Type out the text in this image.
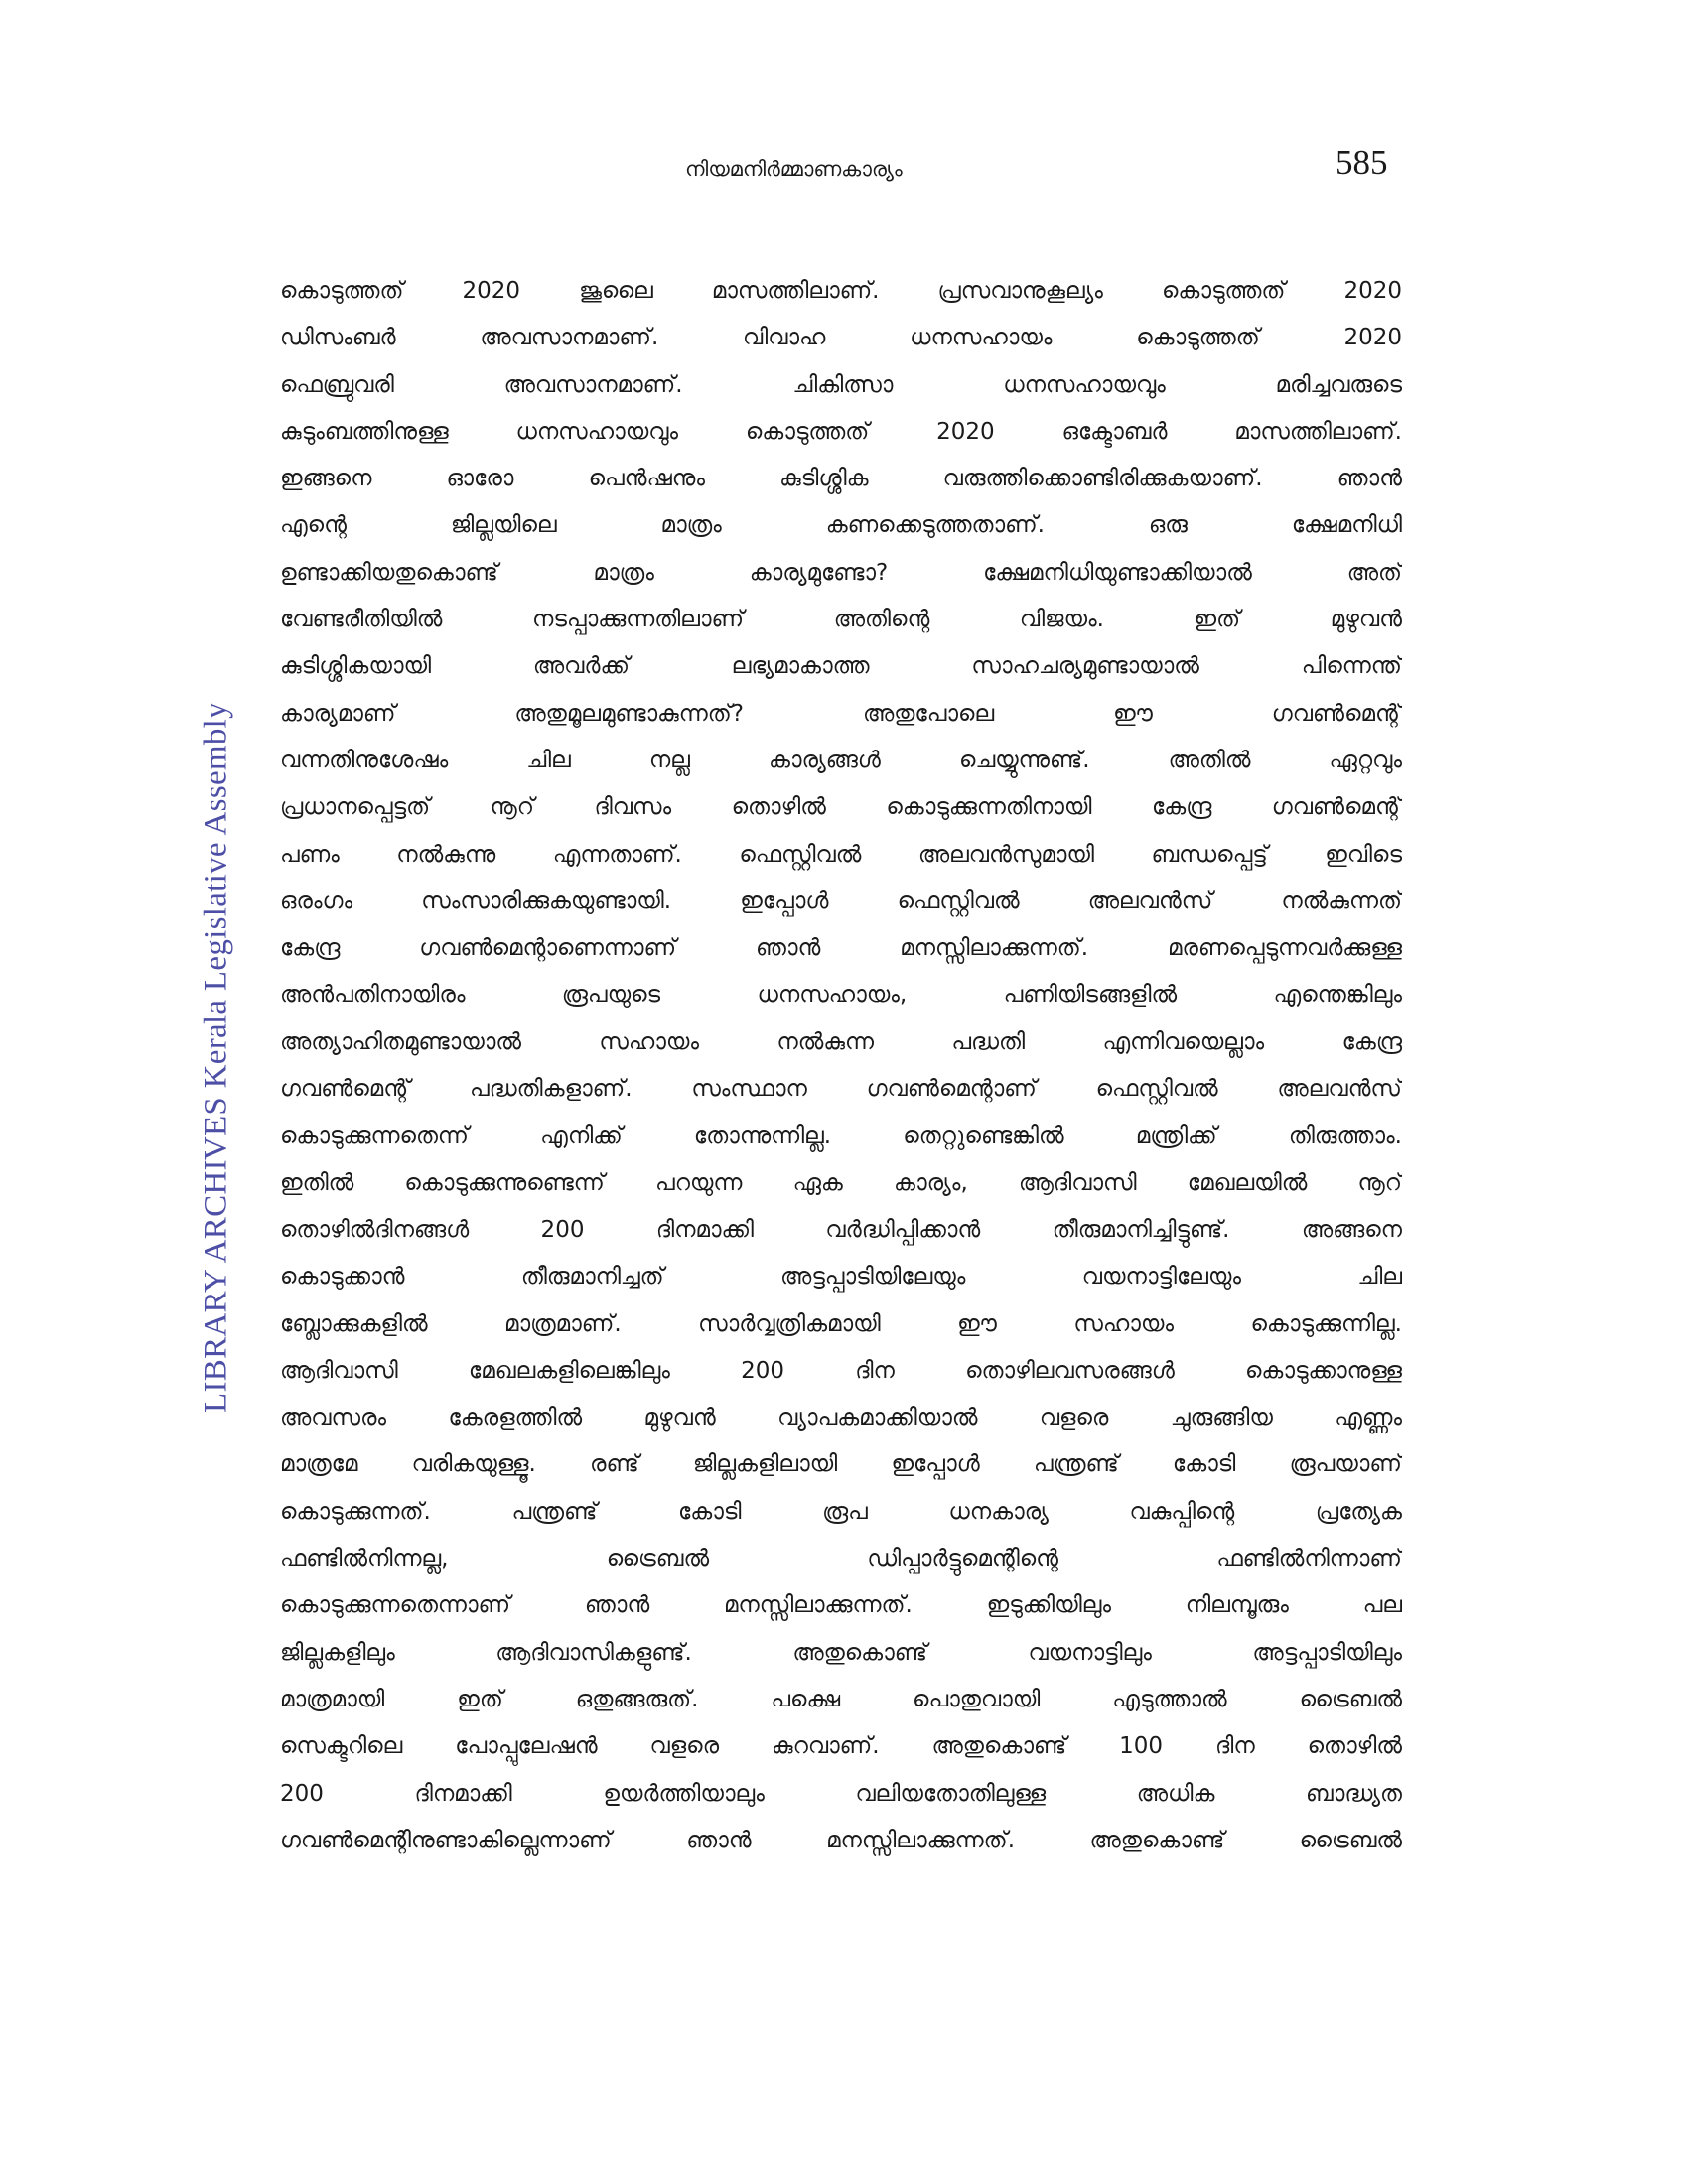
നിയമനിർമ്മാണകാര്യം	585
LIBRARY ARCHIVES Kerala Legislative Assembly
കൊടുത്തത് 2020 ജൂലൈ മാസത്തിലാണ്. പ്രസവാനുകൂല്യം കൊടുത്തത് 2020
ഡിസംബർ അവസാനമാണ്. വിവാഹ ധനസഹായം കൊടുത്തത് 2020
ഫെബ്രുവരി അവസാനമാണ്. ചികിത്സാ ധനസഹായവും മരിച്ചവരുടെ
കുടുംബത്തിനുള്ള ധനസഹായവും കൊടുത്തത് 2020 ഒക്ടോബർ മാസത്തിലാണ്.
ഇങ്ങനെ ഓരോ പെൻഷനും കുടിശ്ശിക വരുത്തിക്കൊണ്ടിരിക്കുകയാണ്. ഞാൻ
എന്റെ ജില്ലയിലെ മാത്രം കണക്കെടുത്തതാണ്. ഒരു ക്ഷേമനിധി
ഉണ്ടാക്കിയതുകൊണ്ട് മാത്രം കാര്യമുണ്ടോ? ക്ഷേമനിധിയുണ്ടാക്കിയാൽ അത്
വേണ്ടരീതിയിൽ നടപ്പാക്കുന്നതിലാണ് അതിന്റെ വിജയം. ഇത് മുഴുവൻ
കുടിശ്ശികയായി അവർക്ക് ലഭ്യമാകാത്ത സാഹചര്യമുണ്ടായാൽ പിന്നെന്ത്
കാര്യമാണ് അതുമൂലമുണ്ടാകുന്നത്? അതുപോലെ ഈ ഗവൺമെന്റ്
വന്നതിനുശേഷം ചില നല്ല കാര്യങ്ങൾ ചെയ്യുന്നുണ്ട്. അതിൽ ഏറ്റവും
പ്രധാനപ്പെട്ടത് നൂറ് ദിവസം തൊഴിൽ കൊടുക്കുന്നതിനായി കേന്ദ്ര ഗവൺമെന്റ്
പണം നൽകുന്നു എന്നതാണ്. ഫെസ്റ്റിവൽ അലവൻസുമായി ബന്ധപ്പെട്ട് ഇവിടെ
ഒരംഗം സംസാരിക്കുകയുണ്ടായി. ഇപ്പോൾ ഫെസ്റ്റിവൽ അലവൻസ് നൽകുന്നത്
കേന്ദ്ര ഗവൺമെന്റാണെന്നാണ് ഞാൻ മനസ്സിലാക്കുന്നത്. മരണപ്പെടുന്നവർക്കുള്ള
അൻപതിനായിരം രൂപയുടെ ധനസഹായം, പണിയിടങ്ങളിൽ എന്തെങ്കിലും
അത്യാഹിതമുണ്ടായാൽ സഹായം നൽകുന്ന പദ്ധതി എന്നിവയെല്ലാം കേന്ദ്ര
ഗവൺമെന്റ് പദ്ധതികളാണ്. സംസ്ഥാന ഗവൺമെന്റാണ് ഫെസ്റ്റിവൽ അലവൻസ്
കൊടുക്കുന്നതെന്ന് എനിക്ക് തോന്നുന്നില്ല. തെറ്റുണ്ടെങ്കിൽ മന്ത്രിക്ക് തിരുത്താം.
ഇതിൽ കൊടുക്കുന്നുണ്ടെന്ന് പറയുന്ന ഏക കാര്യം, ആദിവാസി മേഖലയിൽ നൂറ്
തൊഴിൽദിനങ്ങൾ 200 ദിനമാക്കി വർദ്ധിപ്പിക്കാൻ തീരുമാനിച്ചിട്ടുണ്ട്. അങ്ങനെ
കൊടുക്കാൻ തീരുമാനിച്ചത് അട്ടപ്പാടിയിലേയും വയനാട്ടിലേയും ചില
ബ്ലോക്കുകളിൽ മാത്രമാണ്. സാർവ്വത്രികമായി ഈ സഹായം കൊടുക്കുന്നില്ല.
ആദിവാസി മേഖലകളിലെങ്കിലും 200 ദിന തൊഴിലവസരങ്ങൾ കൊടുക്കാനുള്ള
അവസരം കേരളത്തിൽ മുഴുവൻ വ്യാപകമാക്കിയാൽ വളരെ ചുരുങ്ങിയ എണ്ണം
മാത്രമേ വരികയുള്ളൂ. രണ്ട് ജില്ലകളിലായി ഇപ്പോൾ പന്ത്രണ്ട് കോടി രൂപയാണ്
കൊടുക്കുന്നത്. പന്ത്രണ്ട് കോടി രൂപ ധനകാര്യ വകുപ്പിന്റെ പ്രത്യേക
ഫണ്ടിൽനിന്നല്ല, ട്രൈബൽ ഡിപ്പാർട്ടുമെന്റിന്റെ ഫണ്ടിൽനിന്നാണ്
കൊടുക്കുന്നതെന്നാണ് ഞാൻ മനസ്സിലാക്കുന്നത്. ഇടുക്കിയിലും നിലമ്പൂരും പല
ജില്ലകളിലും ആദിവാസികളുണ്ട്. അതുകൊണ്ട് വയനാട്ടിലും അട്ടപ്പാടിയിലും
മാത്രമായി ഇത് ഒതുങ്ങരുത്. പക്ഷെ പൊതുവായി എടുത്താൽ ട്രൈബൽ
സെക്ടറിലെ പോപ്പുലേഷൻ വളരെ കുറവാണ്. അതുകൊണ്ട് 100 ദിന തൊഴിൽ
200 ദിനമാക്കി ഉയർത്തിയാലും വലിയതോതിലുള്ള അധിക ബാദ്ധ്യത
ഗവൺമെന്റിനുണ്ടാകില്ലെന്നാണ് ഞാൻ മനസ്സിലാക്കുന്നത്. അതുകൊണ്ട് ട്രൈബൽ
